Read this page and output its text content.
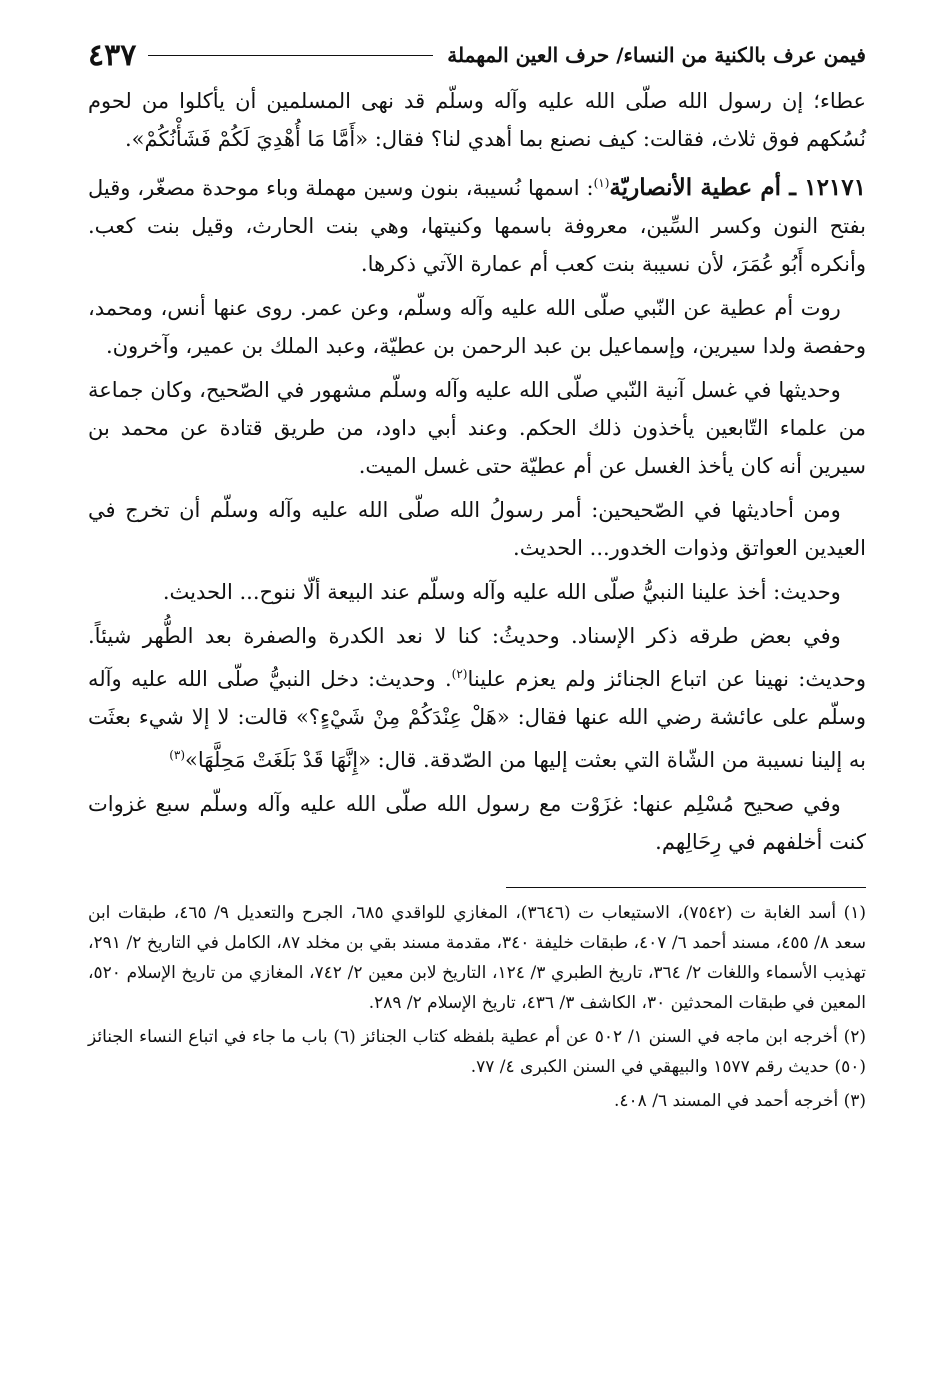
فيمن عرف بالكنية من النساء/ حرف العين المهملة
٤٣٧

عطاء؛ إن رسول الله صلّى الله عليه وآله وسلّم قد نهى المسلمين أن يأكلوا من لحوم نُسُكهم فوق ثلاث، فقالت: كيف نصنع بما أهدي لنا؟ فقال: «أَمَّا مَا أُهْدِيَ لَكُمْ فَشَأْنُكُمْ».

١٢١٧١ ـ أم عطية الأنصاريّة$^{(١)}$: اسمها نُسيبة، بنون وسين مهملة وباء موحدة مصغّر، وقيل بفتح النون وكسر السِّين، معروفة باسمها وكنيتها، وهي بنت الحارث، وقيل بنت كعب. وأنكره أَبُو عُمَرَ، لأن نسيبة بنت كعب أم عمارة الآتي ذكرها.

روت أم عطية عن النّبي صلّى الله عليه وآله وسلّم، وعن عمر. روى عنها أنس، ومحمد، وحفصة ولدا سيرين، وإسماعيل بن عبد الرحمن بن عطيّة، وعبد الملك بن عمير، وآخرون.

وحديثها في غسل آنية النّبي صلّى الله عليه وآله وسلّم مشهور في الصّحيح، وكان جماعة من علماء التّابعين يأخذون ذلك الحكم. وعند أبي داود، من طريق قتادة عن محمد بن سيرين أنه كان يأخذ الغسل عن أم عطيّة حتى غسل الميت.

ومن أحاديثها في الصّحيحين: أمر رسولُ الله صلّى الله عليه وآله وسلّم أن تخرج في العيدين العواتق وذوات الخدور... الحديث.

وحديث: أخذ علينا النبيُّ صلّى الله عليه وآله وسلّم عند البيعة ألّا ننوح... الحديث.

وفي بعض طرقه ذكر الإسناد. وحديثُ: كنا لا نعد الكدرة والصفرة بعد الطُّهر شيئاً. وحديث: نهينا عن اتباع الجنائز ولم يعزم علينا$^{(٢)}$. وحديث: دخل النبيُّ صلّى الله عليه وآله وسلّم على عائشة رضي الله عنها فقال: «هَلْ عِنْدَكُمْ مِنْ شَيْءٍ؟» قالت: لا إلا شيء بعثَت به إلينا نسيبة من الشّاة التي بعثت إليها من الصّدقة. قال: «إِنَّهَا قَدْ بَلَغَتْ مَحِلَّهَا»$^{(٣)}$

وفي صحيح مُسْلِم عنها: غزَوْت مع رسول الله صلّى الله عليه وآله وسلّم سبع غزوات كنت أخلفهم في رِحَالِهم.

(١) أسد الغابة ت (٧٥٤٢)، الاستيعاب ت (٣٦٤٦)، المغازي للواقدي ٦٨٥، الجرح والتعديل ٩/ ٤٦٥، طبقات ابن سعد ٨/ ٤٥٥، مسند أحمد ٦/ ٤٠٧، طبقات خليفة ٣٤٠، مقدمة مسند بقي بن مخلد ٨٧، الكامل في التاريخ ٢/ ٢٩١، تهذيب الأسماء واللغات ٢/ ٣٦٤، تاريخ الطبري ٣/ ١٢٤، التاريخ لابن معين ٢/ ٧٤٢، المغازي من تاريخ الإسلام ٥٢٠، المعين في طبقات المحدثين ٣٠، الكاشف ٣/ ٤٣٦، تاريخ الإسلام ٢/ ٢٨٩.

(٢) أخرجه ابن ماجه في السنن ١/ ٥٠٢ عن أم عطية بلفظه كتاب الجنائز (٦) باب ما جاء في اتباع النساء الجنائز (٥٠) حديث رقم ١٥٧٧ والبيهقي في السنن الكبرى ٤/ ٧٧.

(٣) أخرجه أحمد في المسند ٦/ ٤٠٨.
